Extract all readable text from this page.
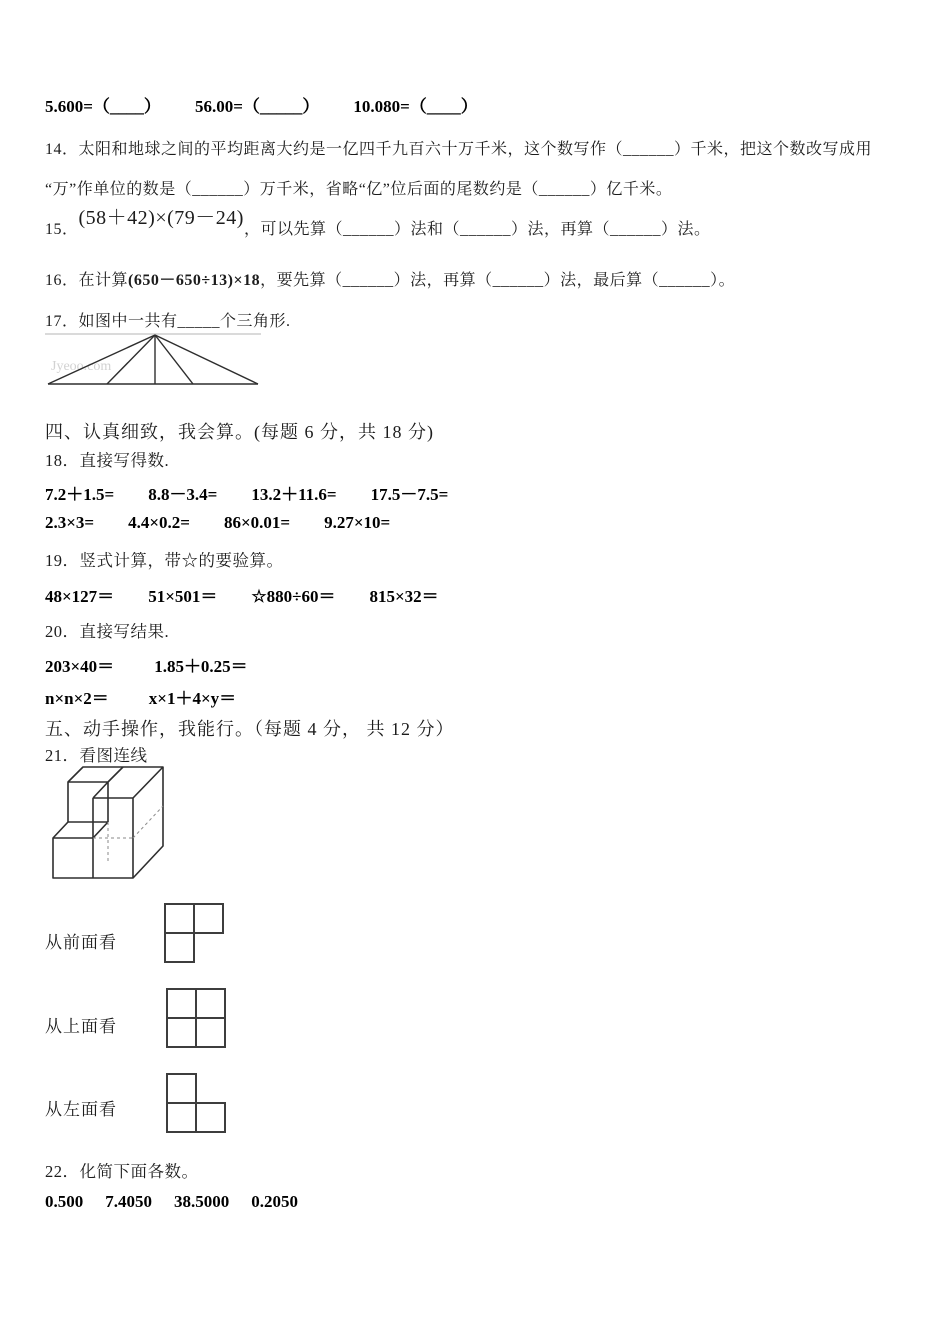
5.600=（____） 56.00=（_____） 10.080=（____）
14．太阳和地球之间的平均距离大约是一亿四千九百六十万千米，这个数写作（______）千米，把这个数改写成用
“万”作单位的数是（______）万千米，省略“亿”位后面的尾数约是（______）亿千米。
15．
(58＋42)×(79－24)
，可以先算（______）法和（______）法，再算（______）法。
16．在计算(650－650÷13)×18，要先算（______）法，再算（______）法，最后算（______）。
17．如图中一共有_____个三角形.
Jyeoo.com
四、认真细致，我会算。(每题 6 分，共 18 分)
18．直接写得数.
7.2＋1.5= 8.8－3.4= 13.2＋11.6= 17.5－7.5=
2.3×3= 4.4×0.2= 86×0.01= 9.27×10=
19．竖式计算，带☆的要验算。
48×127＝ 51×501＝ ☆880÷60＝ 815×32＝
20．直接写结果.
203×40＝ 1.85＋0.25＝
n×n×2＝ x×1＋4×y＝
五、动手操作，我能行。（每题 4 分， 共 12 分）
21．看图连线
从前面看
从上面看
从左面看
22．化简下面各数。
0.500 7.4050 38.5000 0.2050
